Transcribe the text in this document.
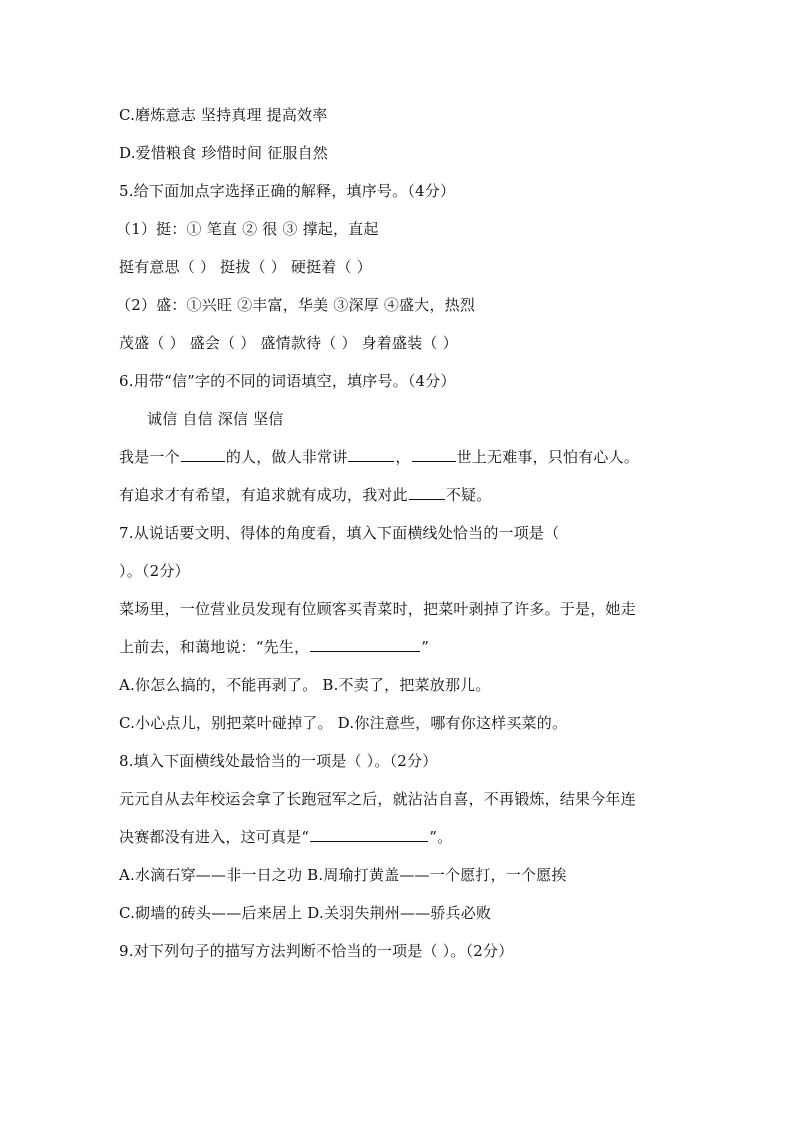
C.磨炼意志 坚持真理 提高效率
D.爱惜粮食 珍惜时间 征服自然
5.给下面加点字选择正确的解释，填序号。（4分）
（1）挺：① 笔直 ② 很 ③ 撑起，直起
挺有意思（ ） 挺拔（ ） 硬挺着（ ）
（2）盛：①兴旺 ②丰富，华美 ③深厚 ④盛大，热烈
茂盛（ ） 盛会（ ） 盛情款待（ ） 身着盛装（ ）
6.用带“信”字的不同的词语填空，填序号。（4分）
诚信 自信 深信 坚信
我是一个	的人，做人非常讲	，	世上无难事，只怕有心人。
有追求才有希望，有追求就有成功，我对此	不疑。
7.从说话要文明、得体的角度看，填入下面横线处恰当的一项是（
）。（2分）
菜场里，一位营业员发现有位顾客买青菜时，把菜叶剥掉了许多。于是，她走
上前去，和蔼地说：“先生，	”
A.你怎么搞的，不能再剥了。 B.不卖了，把菜放那儿。
C.小心点儿，别把菜叶碰掉了。 D.你注意些，哪有你这样买菜的。
8.填入下面横线处最恰当的一项是（ ）。（2分）
元元自从去年校运会拿了长跑冠军之后，就沾沾自喜，不再锻炼，结果今年连
决赛都没有进入，这可真是“	”。
A.水滴石穿——非一日之功 B.周瑜打黄盖——一个愿打，一个愿挨
C.砌墙的砖头——后来居上 D.关羽失荆州——骄兵必败
9.对下列句子的描写方法判断不恰当的一项是（ ）。（2分）
